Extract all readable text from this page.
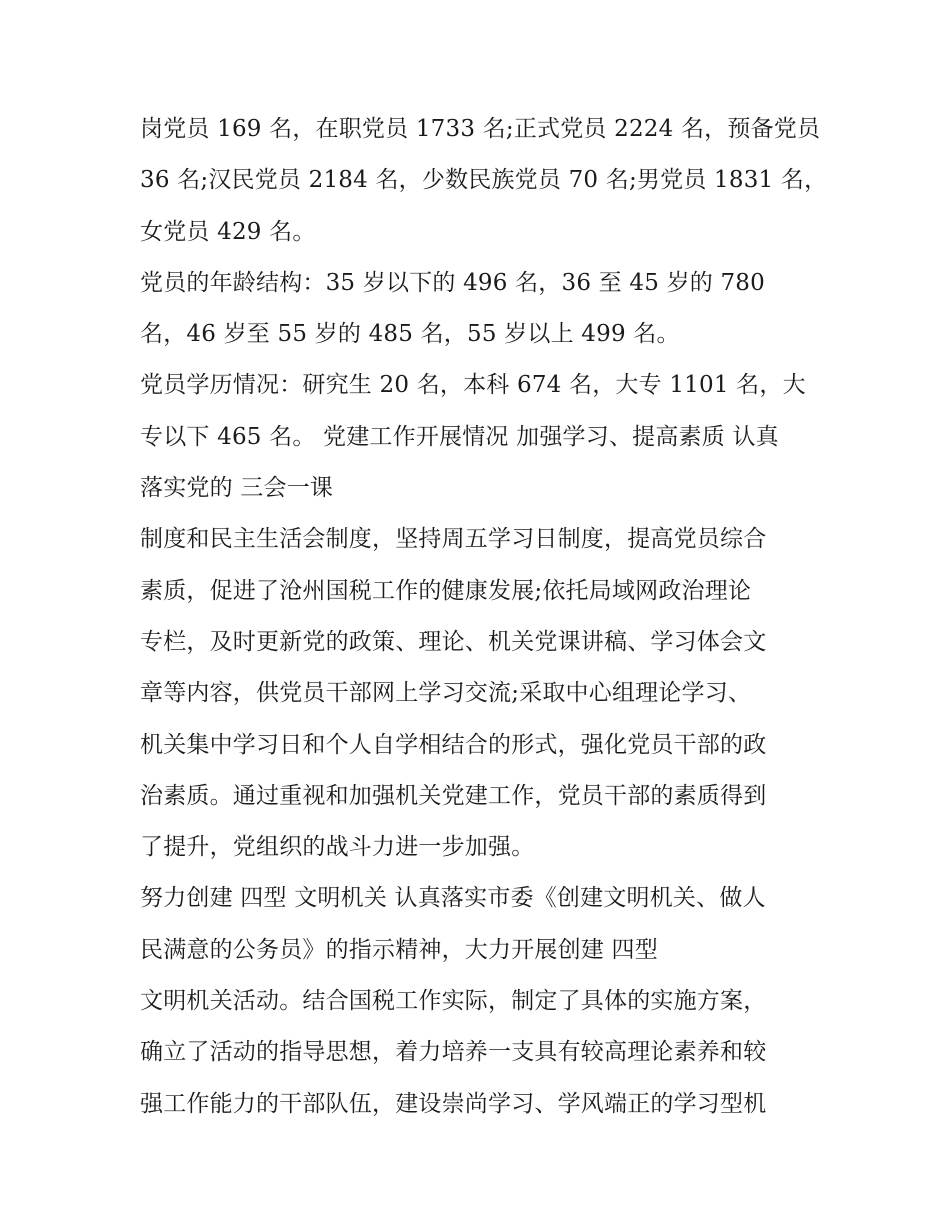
岗党员 169 名，在职党员 1733 名;正式党员 2224 名，预备党员
36 名;汉民党员 2184 名，少数民族党员 70 名;男党员 1831 名，
女党员 429 名。
党员的年龄结构：35 岁以下的 496 名，36 至 45 岁的 780
名，46 岁至 55 岁的 485 名，55 岁以上 499 名。
党员学历情况：研究生 20 名，本科 674 名，大专 1101 名，大
专以下 465 名。 党建工作开展情况 加强学习、提高素质 认真
落实党的 三会一课
制度和民主生活会制度，坚持周五学习日制度，提高党员综合
素质，促进了沧州国税工作的健康发展;依托局域网政治理论
专栏，及时更新党的政策、理论、机关党课讲稿、学习体会文
章等内容，供党员干部网上学习交流;采取中心组理论学习、
机关集中学习日和个人自学相结合的形式，强化党员干部的政
治素质。通过重视和加强机关党建工作，党员干部的素质得到
了提升，党组织的战斗力进一步加强。
努力创建 四型 文明机关 认真落实市委《创建文明机关、做人
民满意的公务员》的指示精神，大力开展创建 四型
文明机关活动。结合国税工作实际，制定了具体的实施方案，
确立了活动的指导思想，着力培养一支具有较高理论素养和较
强工作能力的干部队伍，建设崇尚学习、学风端正的学习型机
